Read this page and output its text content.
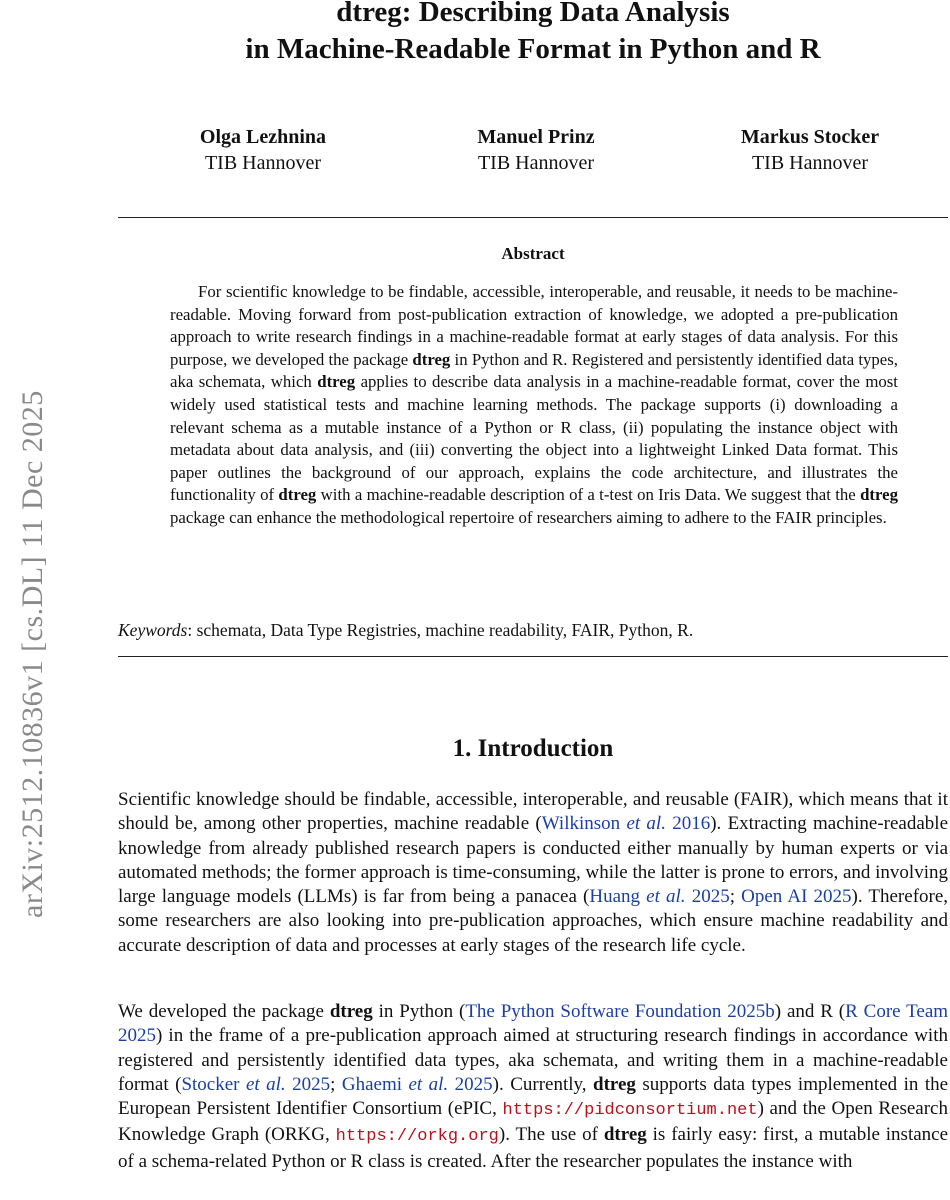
arXiv:2512.10836v1 [cs.DL] 11 Dec 2025
dtreg: Describing Data Analysis
in Machine-Readable Format in Python and R
Olga Lezhnina
TIB Hannover
Manuel Prinz
TIB Hannover
Markus Stocker
TIB Hannover
Abstract
For scientific knowledge to be findable, accessible, interoperable, and reusable, it needs to be machine-readable. Moving forward from post-publication extraction of knowledge, we adopted a pre-publication approach to write research findings in a machine-readable format at early stages of data analysis. For this purpose, we developed the package dtreg in Python and R. Registered and persistently identified data types, aka schemata, which dtreg applies to describe data analysis in a machine-readable format, cover the most widely used statistical tests and machine learning methods. The package supports (i) downloading a relevant schema as a mutable instance of a Python or R class, (ii) populating the instance object with metadata about data analysis, and (iii) converting the object into a lightweight Linked Data format. This paper outlines the background of our approach, explains the code architecture, and illustrates the functionality of dtreg with a machine-readable description of a t-test on Iris Data. We suggest that the dtreg package can enhance the methodological repertoire of researchers aiming to adhere to the FAIR principles.
Keywords: schemata, Data Type Registries, machine readability, FAIR, Python, R.
1. Introduction
Scientific knowledge should be findable, accessible, interoperable, and reusable (FAIR), which means that it should be, among other properties, machine readable (Wilkinson et al. 2016). Extracting machine-readable knowledge from already published research papers is conducted either manually by human experts or via automated methods; the former approach is time-consuming, while the latter is prone to errors, and involving large language models (LLMs) is far from being a panacea (Huang et al. 2025; Open AI 2025). Therefore, some researchers are also looking into pre-publication approaches, which ensure machine readability and accurate description of data and processes at early stages of the research life cycle.
We developed the package dtreg in Python (The Python Software Foundation 2025b) and R (R Core Team 2025) in the frame of a pre-publication approach aimed at structuring research findings in accordance with registered and persistently identified data types, aka schemata, and writing them in a machine-readable format (Stocker et al. 2025; Ghaemi et al. 2025). Currently, dtreg supports data types implemented in the European Persistent Identifier Consortium (ePIC, https://pidconsortium.net) and the Open Research Knowledge Graph (ORKG, https://orkg.org). The use of dtreg is fairly easy: first, a mutable instance of a schema-related Python or R class is created. After the researcher populates the instance with
